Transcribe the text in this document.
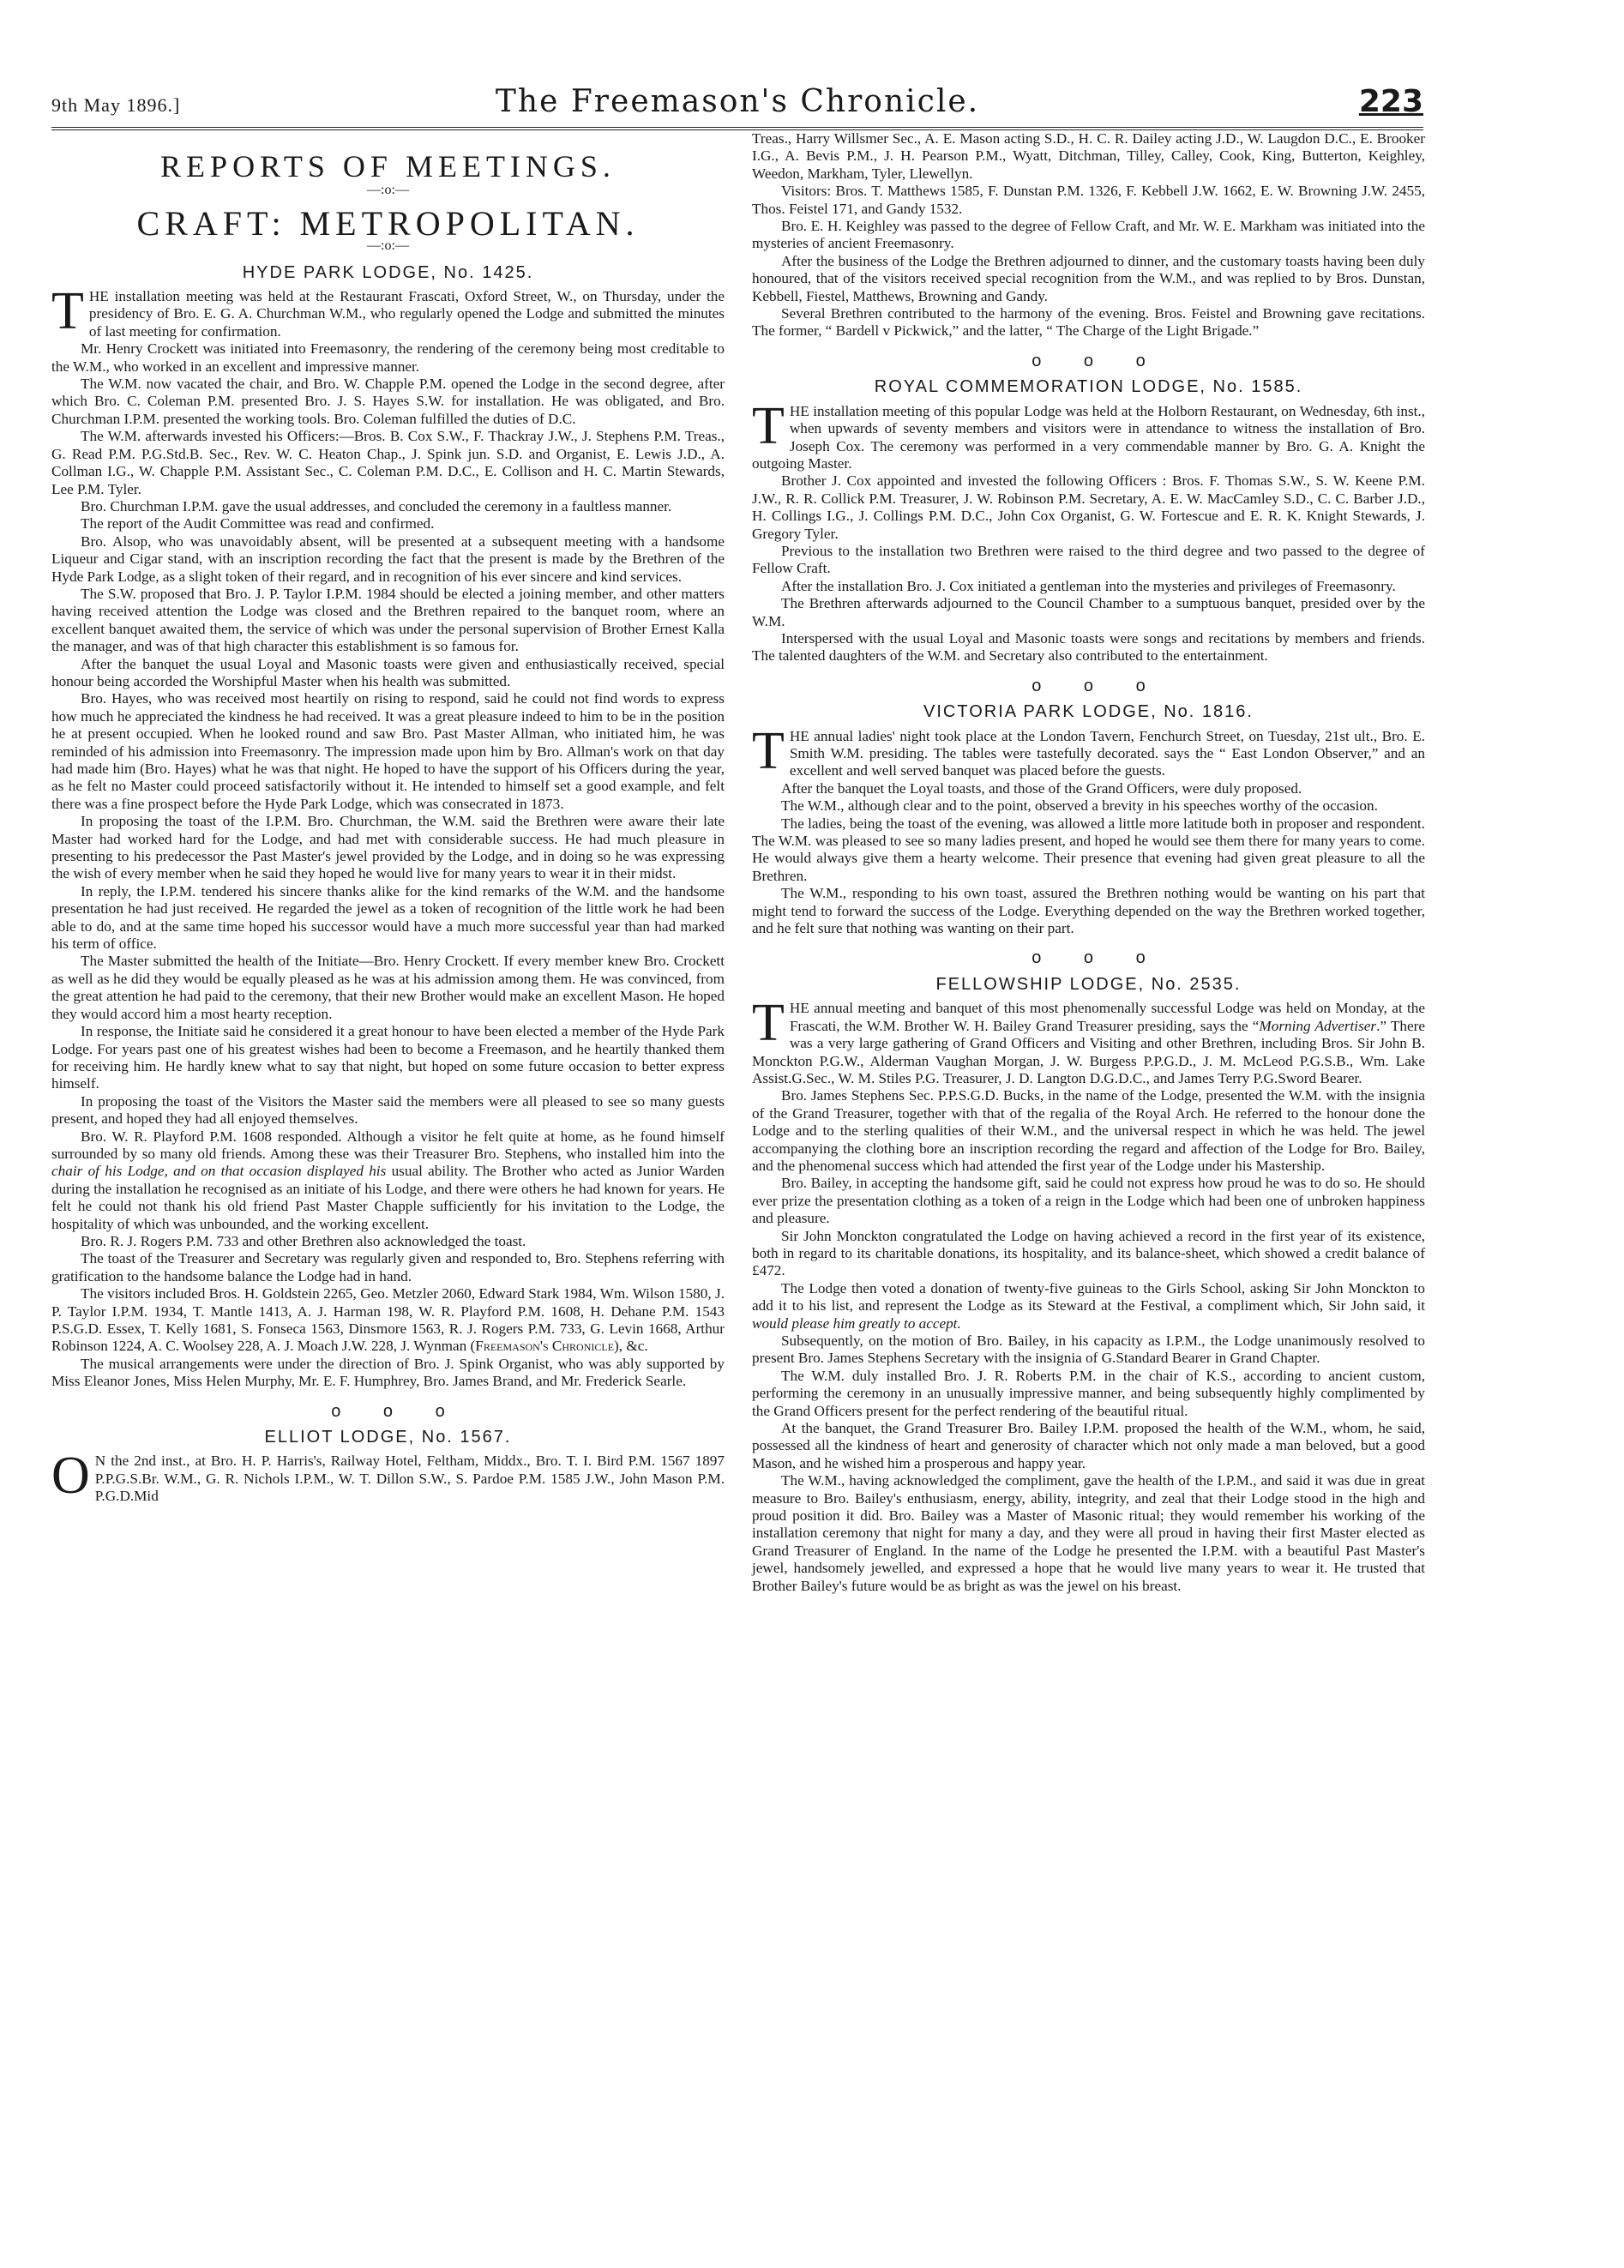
9th May 1896.]	The Freemason's Chronicle.	223
REPORTS OF MEETINGS.
—:o:—
CRAFT: METROPOLITAN.
—:o:—
HYDE PARK LODGE, No. 1425.

THE installation meeting was held at the Restaurant Frascati, Oxford Street, W., on Thursday, under the presidency of Bro. E. G. A. Churchman W.M., who regularly opened the Lodge and submitted the minutes of last meeting for confirmation.

Mr. Henry Crockett was initiated into Freemasonry, the rendering of the ceremony being most creditable to the W.M., who worked in an excellent and impressive manner.

The W.M. now vacated the chair, and Bro. W. Chapple P.M. opened the Lodge in the second degree, after which Bro. C. Coleman P.M. presented Bro. J. S. Hayes S.W. for installation. He was obligated, and Bro. Churchman I.P.M. presented the working tools. Bro. Coleman fulfilled the duties of D.C.

The W.M. afterwards invested his Officers:—Bros. B. Cox S.W., F. Thackray J.W., J. Stephens P.M. Treas., G. Read P.M. P.G.Std.B. Sec., Rev. W. C. Heaton Chap., J. Spink jun. S.D. and Organist, E. Lewis J.D., A. Collman I.G., W. Chapple P.M. Assistant Sec., C. Coleman P.M. D.C., E. Collison and H. C. Martin Stewards, Lee P.M. Tyler.

Bro. Churchman I.P.M. gave the usual addresses, and concluded the ceremony in a faultless manner.

The report of the Audit Committee was read and confirmed.

Bro. Alsop, who was unavoidably absent, will be presented at a subsequent meeting with a handsome Liqueur and Cigar stand, with an inscription recording the fact that the present is made by the Brethren of the Hyde Park Lodge, as a slight token of their regard, and in recognition of his ever sincere and kind services.

The S.W. proposed that Bro. J. P. Taylor I.P.M. 1984 should be elected a joining member, and other matters having received attention the Lodge was closed and the Brethren repaired to the banquet room, where an excellent banquet awaited them, the service of which was under the personal supervision of Brother Ernest Kalla the manager, and was of that high character this establishment is so famous for.

After the banquet the usual Loyal and Masonic toasts were given and enthusiastically received, special honour being accorded the Worshipful Master when his health was submitted.

Bro. Hayes, who was received most heartily on rising to respond, said he could not find words to express how much he appreciated the kindness he had received. It was a great pleasure indeed to him to be in the position he at present occupied. When he looked round and saw Bro. Past Master Allman, who initiated him, he was reminded of his admission into Freemasonry. The impression made upon him by Bro. Allman's work on that day had made him (Bro. Hayes) what he was that night. He hoped to have the support of his Officers during the year, as he felt no Master could proceed satisfactorily without it. He intended to himself set a good example, and felt there was a fine prospect before the Hyde Park Lodge, which was consecrated in 1873.

In proposing the toast of the I.P.M. Bro. Churchman, the W.M. said the Brethren were aware their late Master had worked hard for the Lodge, and had met with considerable success. He had much pleasure in presenting to his predecessor the Past Master's jewel provided by the Lodge, and in doing so he was expressing the wish of every member when he said they hoped he would live for many years to wear it in their midst.

In reply, the I.P.M. tendered his sincere thanks alike for the kind remarks of the W.M. and the handsome presentation he had just received. He regarded the jewel as a token of recognition of the little work he had been able to do, and at the same time hoped his successor would have a much more successful year than had marked his term of office.

The Master submitted the health of the Initiate—Bro. Henry Crockett. If every member knew Bro. Crockett as well as he did they would be equally pleased as he was at his admission among them. He was convinced, from the great attention he had paid to the ceremony, that their new Brother would make an excellent Mason. He hoped they would accord him a most hearty reception.

In response, the Initiate said he considered it a great honour to have been elected a member of the Hyde Park Lodge. For years past one of his greatest wishes had been to become a Freemason, and he heartily thanked them for receiving him. He hardly knew what to say that night, but hoped on some future occasion to better express himself.

In proposing the toast of the Visitors the Master said the members were all pleased to see so many guests present, and hoped they had all enjoyed themselves.

Bro. W. R. Playford P.M. 1608 responded. Although a visitor he felt quite at home, as he found himself surrounded by so many old friends. Among these was their Treasurer Bro. Stephens, who installed him into the chair of his Lodge, and on that occasion displayed his usual ability. The Brother who acted as Junior Warden during the installation he recognised as an initiate of his Lodge, and there were others he had known for years. He felt he could not thank his old friend Past Master Chapple sufficiently for his invitation to the Lodge, the hospitality of which was unbounded, and the working excellent.

Bro. R. J. Rogers P.M. 733 and other Brethren also acknowledged the toast.

The toast of the Treasurer and Secretary was regularly given and responded to, Bro. Stephens referring with gratification to the handsome balance the Lodge had in hand.

The visitors included Bros. H. Goldstein 2265, Geo. Metzler 2060, Edward Stark 1984, Wm. Wilson 1580, J. P. Taylor I.P.M. 1934, T. Mantle 1413, A. J. Harman 198, W. R. Playford P.M. 1608, H. Dehane P.M. 1543 P.S.G.D. Essex, T. Kelly 1681, S. Fonseca 1563, Dinsmore 1563, R. J. Rogers P.M. 733, G. Levin 1668, Arthur Robinson 1224, A. C. Woolsey 228, A. J. Moach J.W. 228, J. Wynman (Freemason's Chronicle), &c.

The musical arrangements were under the direction of Bro. J. Spink Organist, who was ably supported by Miss Eleanor Jones, Miss Helen Murphy, Mr. E. F. Humphrey, Bro. James Brand, and Mr. Frederick Searle.

o o o
ELLIOT LODGE, No. 1567.

O N the 2nd inst., at Bro. H. P. Harris's, Railway Hotel, Feltham, Middx., Bro. T. I. Bird P.M. 1567 1897 P.P.G.S.Br. W.M., G. R. Nichols I.P.M., W. T. Dillon S.W., S. Pardoe P.M. 1585 J.W., John Mason P.M. P.G.D.Mid

Treas., Harry Willsmer Sec., A. E. Mason acting S.D., H. C. R. Dailey acting J.D., W. Laugdon D.C., E. Brooker I.G., A. Bevis P.M., J. H. Pearson P.M., Wyatt, Ditchman, Tilley, Calley, Cook, King, Butterton, Keighley, Weedon, Markham, Tyler, Llewellyn.

Visitors: Bros. T. Matthews 1585, F. Dunstan P.M. 1326, F. Kebbell J.W. 1662, E. W. Browning J.W. 2455, Thos. Feistel 171, and Gandy 1532.

Bro. E. H. Keighley was passed to the degree of Fellow Craft, and Mr. W. E. Markham was initiated into the mysteries of ancient Freemasonry.

After the business of the Lodge the Brethren adjourned to dinner, and the customary toasts having been duly honoured, that of the visitors received special recognition from the W.M., and was replied to by Bros. Dunstan, Kebbell, Fiestel, Matthews, Browning and Gandy.

Several Brethren contributed to the harmony of the evening. Bros. Feistel and Browning gave recitations. The former, “ Bardell v Pickwick,” and the latter, “ The Charge of the Light Brigade.”

o o o
ROYAL COMMEMORATION LODGE, No. 1585.

THE installation meeting of this popular Lodge was held at the Holborn Restaurant, on Wednesday, 6th inst., when upwards of seventy members and visitors were in attendance to witness the installation of Bro. Joseph Cox. The ceremony was performed in a very commendable manner by Bro. G. A. Knight the outgoing Master.

Brother J. Cox appointed and invested the following Officers : Bros. F. Thomas S.W., S. W. Keene P.M. J.W., R. R. Collick P.M. Treasurer, J. W. Robinson P.M. Secretary, A. E. W. MacCamley S.D., C. C. Barber J.D., H. Collings I.G., J. Collings P.M. D.C., John Cox Organist, G. W. Fortescue and E. R. K. Knight Stewards, J. Gregory Tyler.

Previous to the installation two Brethren were raised to the third degree and two passed to the degree of Fellow Craft.

After the installation Bro. J. Cox initiated a gentleman into the mysteries and privileges of Freemasonry.

The Brethren afterwards adjourned to the Council Chamber to a sumptuous banquet, presided over by the W.M.

Interspersed with the usual Loyal and Masonic toasts were songs and recitations by members and friends. The talented daughters of the W.M. and Secretary also contributed to the entertainment.

o o o
VICTORIA PARK LODGE, No. 1816.

THE annual ladies' night took place at the London Tavern, Fenchurch Street, on Tuesday, 21st ult., Bro. E. Smith W.M. presiding. The tables were tastefully decorated. says the “ East London Observer,” and an excellent and well served banquet was placed before the guests.

After the banquet the Loyal toasts, and those of the Grand Officers, were duly proposed.

The W.M., although clear and to the point, observed a brevity in his speeches worthy of the occasion.

The ladies, being the toast of the evening, was allowed a little more latitude both in proposer and respondent. The W.M. was pleased to see so many ladies present, and hoped he would see them there for many years to come. He would always give them a hearty welcome. Their presence that evening had given great pleasure to all the Brethren.

The W.M., responding to his own toast, assured the Brethren nothing would be wanting on his part that might tend to forward the success of the Lodge. Everything depended on the way the Brethren worked together, and he felt sure that nothing was wanting on their part.

o o o
FELLOWSHIP LODGE, No. 2535.

THE annual meeting and banquet of this most phenomenally successful Lodge was held on Monday, at the Frascati, the W.M. Brother W. H. Bailey Grand Treasurer presiding, says the “Morning Advertiser.” There was a very large gathering of Grand Officers and Visiting and other Brethren, including Bros. Sir John B. Monckton P.G.W., Alderman Vaughan Morgan, J. W. Burgess P.P.G.D., J. M. McLeod P.G.S.B., Wm. Lake Assist.G.Sec., W. M. Stiles P.G. Treasurer, J. D. Langton D.G.D.C., and James Terry P.G.Sword Bearer.

Bro. James Stephens Sec. P.P.S.G.D. Bucks, in the name of the Lodge, presented the W.M. with the insignia of the Grand Treasurer, together with that of the regalia of the Royal Arch. He referred to the honour done the Lodge and to the sterling qualities of their W.M., and the universal respect in which he was held. The jewel accompanying the clothing bore an inscription recording the regard and affection of the Lodge for Bro. Bailey, and the phenomenal success which had attended the first year of the Lodge under his Mastership.

Bro. Bailey, in accepting the handsome gift, said he could not express how proud he was to do so. He should ever prize the presentation clothing as a token of a reign in the Lodge which had been one of unbroken happiness and pleasure.

Sir John Monckton congratulated the Lodge on having achieved a record in the first year of its existence, both in regard to its charitable donations, its hospitality, and its balance-sheet, which showed a credit balance of £472.

The Lodge then voted a donation of twenty-five guineas to the Girls School, asking Sir John Monckton to add it to his list, and represent the Lodge as its Steward at the Festival, a compliment which, Sir John said, it would please him greatly to accept.

Subsequently, on the motion of Bro. Bailey, in his capacity as I.P.M., the Lodge unanimously resolved to present Bro. James Stephens Secretary with the insignia of G.Standard Bearer in Grand Chapter.

The W.M. duly installed Bro. J. R. Roberts P.M. in the chair of K.S., according to ancient custom, performing the ceremony in an unusually impressive manner, and being subsequently highly complimented by the Grand Officers present for the perfect rendering of the beautiful ritual.

At the banquet, the Grand Treasurer Bro. Bailey I.P.M. proposed the health of the W.M., whom, he said, possessed all the kindness of heart and generosity of character which not only made a man beloved, but a good Mason, and he wished him a prosperous and happy year.

The W.M., having acknowledged the compliment, gave the health of the I.P.M., and said it was due in great measure to Bro. Bailey's enthusiasm, energy, ability, integrity, and zeal that their Lodge stood in the high and proud position it did. Bro. Bailey was a Master of Masonic ritual; they would remember his working of the installation ceremony that night for many a day, and they were all proud in having their first Master elected as Grand Treasurer of England. In the name of the Lodge he presented the I.P.M. with a beautiful Past Master's jewel, handsomely jewelled, and expressed a hope that he would live many years to wear it. He trusted that Brother Bailey's future would be as bright as was the jewel on his breast.
